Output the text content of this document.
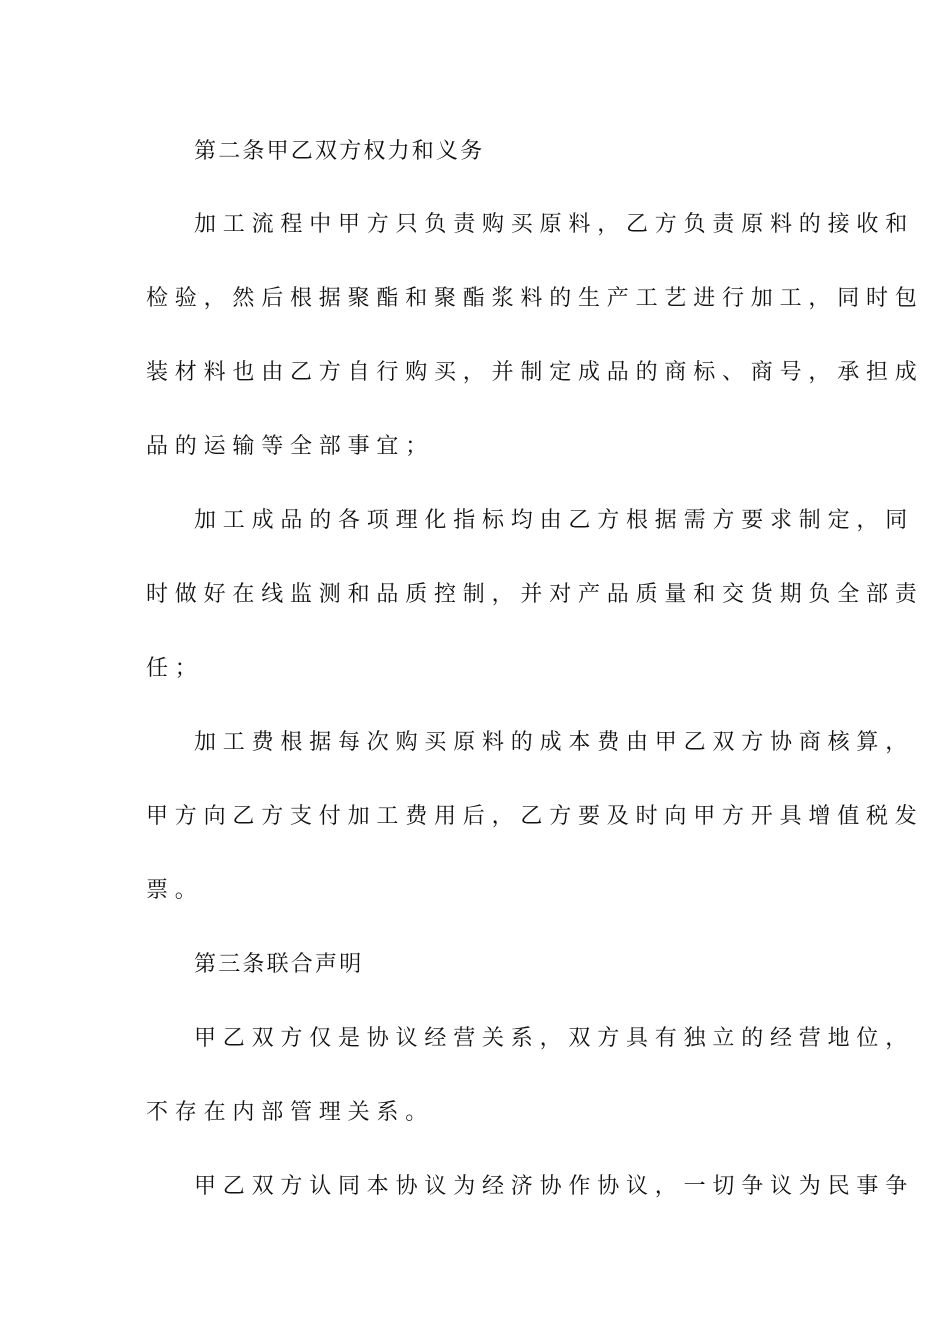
第二条甲乙双方权力和义务
加工流程中甲方只负责购买原料，乙方负责原料的接收和
检验，然后根据聚酯和聚酯浆料的生产工艺进行加工，同时包
装材料也由乙方自行购买，并制定成品的商标、商号，承担成
品的运输等全部事宜；
加工成品的各项理化指标均由乙方根据需方要求制定，同
时做好在线监测和品质控制，并对产品质量和交货期负全部责
任；
加工费根据每次购买原料的成本费由甲乙双方协商核算，
甲方向乙方支付加工费用后，乙方要及时向甲方开具增值税发
票。
第三条联合声明
甲乙双方仅是协议经营关系，双方具有独立的经营地位，
不存在内部管理关系。
甲乙双方认同本协议为经济协作协议，一切争议为民事争
